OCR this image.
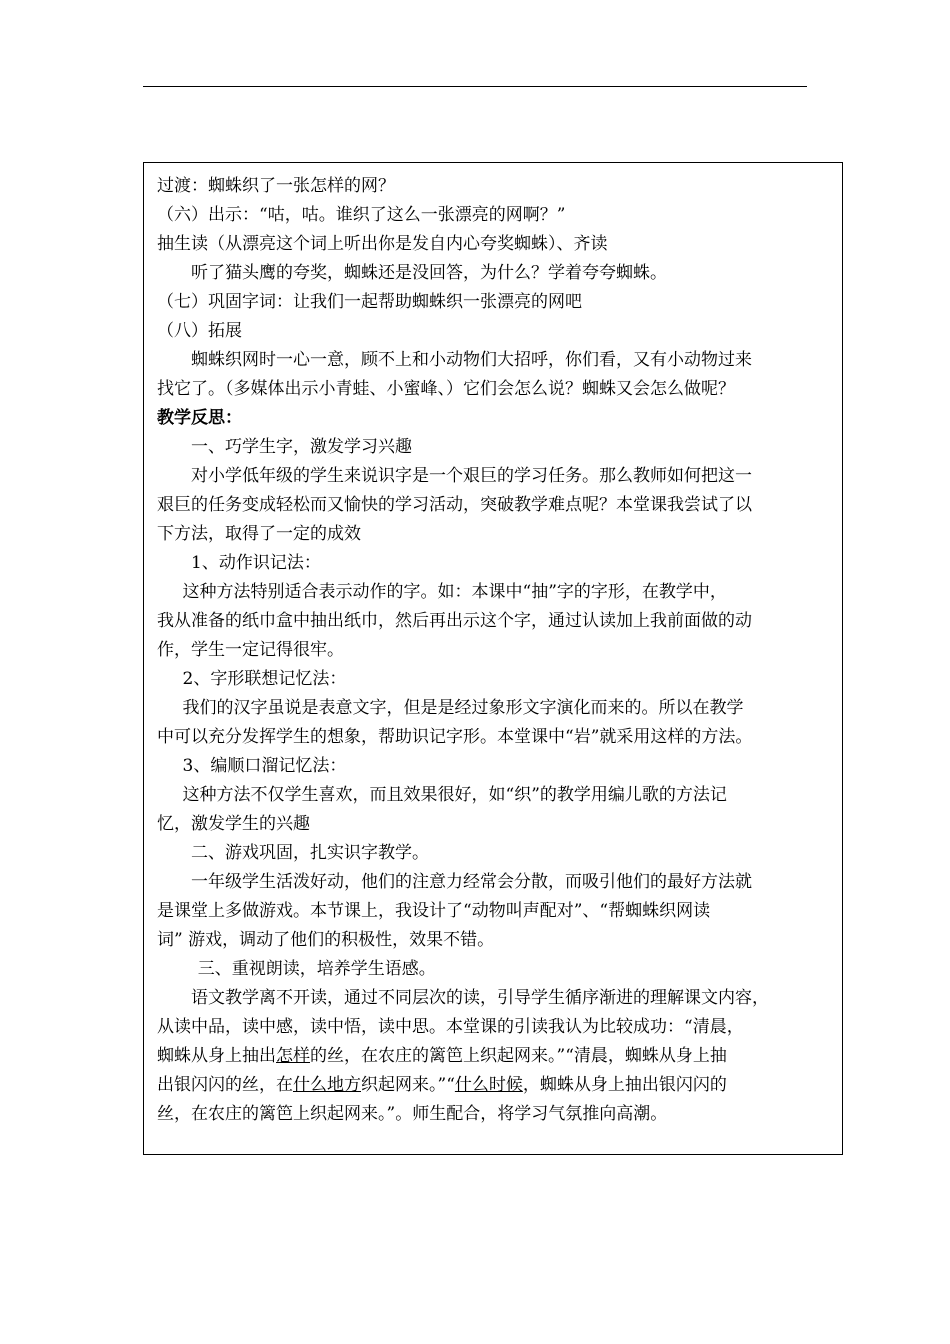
过渡：蜘蛛织了一张怎样的网？
（六）出示：“咕，咕。谁织了这么一张漂亮的网啊？”
抽生读（从漂亮这个词上听出你是发自内心夸奖蜘蛛）、齐读
听了猫头鹰的夸奖，蜘蛛还是没回答，为什么？学着夸夸蜘蛛。
（七）巩固字词：让我们一起帮助蜘蛛织一张漂亮的网吧
（八）拓展
蜘蛛织网时一心一意，顾不上和小动物们大招呼，你们看，又有小动物过来
找它了。（多媒体出示小青蛙、小蜜峰、）它们会怎么说？蜘蛛又会怎么做呢？
教学反思：
一、巧学生字，激发学习兴趣
对小学低年级的学生来说识字是一个艰巨的学习任务。那么教师如何把这一
艰巨的任务变成轻松而又愉快的学习活动，突破教学难点呢？本堂课我尝试了以
下方法，取得了一定的成效
1、动作识记法：
这种方法特别适合表示动作的字。如：本课中“抽”字的字形，在教学中，
我从准备的纸巾盒中抽出纸巾，然后再出示这个字，通过认读加上我前面做的动
作，学生一定记得很牢。
2、字形联想记忆法：
我们的汉字虽说是表意文字，但是是经过象形文字演化而来的。所以在教学
中可以充分发挥学生的想象，帮助识记字形。本堂课中“岩”就采用这样的方法。
3、编顺口溜记忆法：
这种方法不仅学生喜欢，而且效果很好，如“织”的教学用编儿歌的方法记
忆，激发学生的兴趣
二、游戏巩固，扎实识字教学。
一年级学生活泼好动，他们的注意力经常会分散，而吸引他们的最好方法就
是课堂上多做游戏。本节课上，我设计了“动物叫声配对”、“帮蜘蛛织网读
词” 游戏，调动了他们的积极性，效果不错。
三、重视朗读，培养学生语感。
语文教学离不开读，通过不同层次的读，引导学生循序渐进的理解课文内容，
从读中品，读中感，读中悟，读中思。本堂课的引读我认为比较成功：“清晨，
蜘蛛从身上抽出怎样的丝，在农庄的篱笆上织起网来。”“清晨，蜘蛛从身上抽
出银闪闪的丝，在什么地方织起网来。”“什么时候，蜘蛛从身上抽出银闪闪的
丝，在农庄的篱笆上织起网来。”。师生配合，将学习气氛推向高潮。
